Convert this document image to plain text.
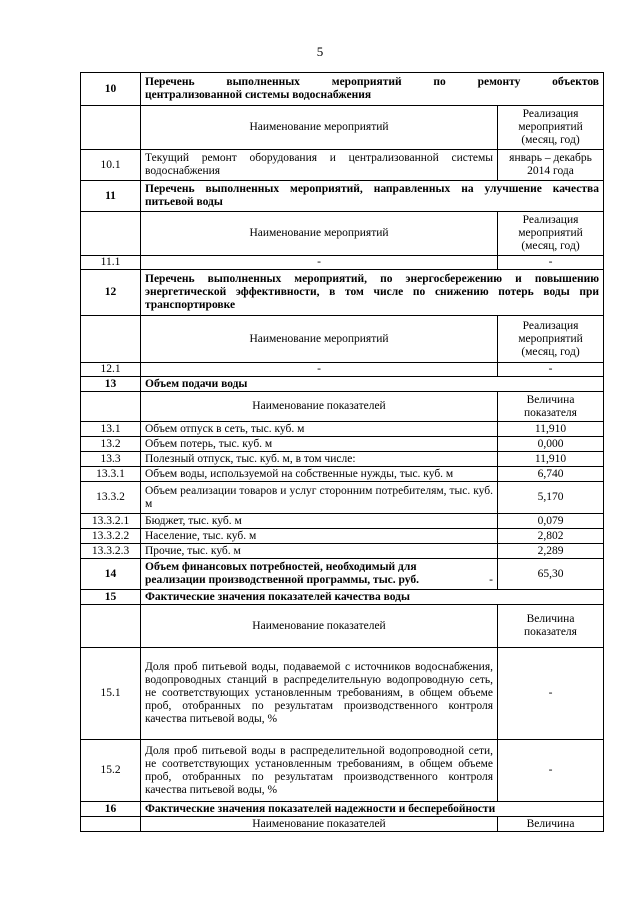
5
10	Перечень выполненных мероприятий по ремонту объектов
централизованной системы водоснабжения	

	Наименование мероприятий	Реализация мероприятий (месяц, год)
10.1	Текущий ремонт оборудования и централизованной системы водоснабжения	январь – декабрь 2014 года
11	Перечень выполненных мероприятий, направленных на улучшение качества питьевой воды	
	Наименование мероприятий	Реализация мероприятий (месяц, год)
11.1	-	-
12	Перечень выполненных мероприятий, по энергосбережению и повышению энергетической эффективности, в том числе по снижению потерь воды при транспортировке	
	Наименование мероприятий	Реализация мероприятий (месяц, год)
12.1	-	-
13	Объем подачи воды	
	Наименование показателей	Величина показателя
13.1	Объем отпуск в сеть, тыс. куб. м	11,910
13.2	Объем потерь, тыс. куб. м	0,000
13.3	Полезный отпуск, тыс. куб. м, в том числе:	11,910
13.3.1	Объем воды, используемой на собственные нужды, тыс. куб. м	6,740
13.3.2	Объем реализации товаров и услуг сторонним потребителям, тыс. куб. м	5,170
13.3.2.1	Бюджет, тыс. куб. м	0,079
13.3.2.2	Население, тыс. куб. м	2,802
13.3.2.3	Прочие, тыс. куб. м	2,289
14	Объем финансовых потребностей, необходимый для реализации производственной программы, тыс. руб. -	65,30
15	Фактические значения показателей качества воды	
	Наименование показателей	Величина показателя
15.1	Доля проб питьевой воды, подаваемой с источников водоснабжения, водопроводных станций в распределительную водопроводную сеть, не соответствующих установленным требованиям, в общем объеме проб, отобранных по результатам производственного контроля качества питьевой воды, %	-
15.2	Доля проб питьевой воды в распределительной водопроводной сети, не соответствующих установленным требованиям, в общем объеме проб, отобранных по результатам производственного контроля качества питьевой воды, %	-
16	Фактические значения показателей надежности и бесперебойности	
	Наименование показателей	Величина
